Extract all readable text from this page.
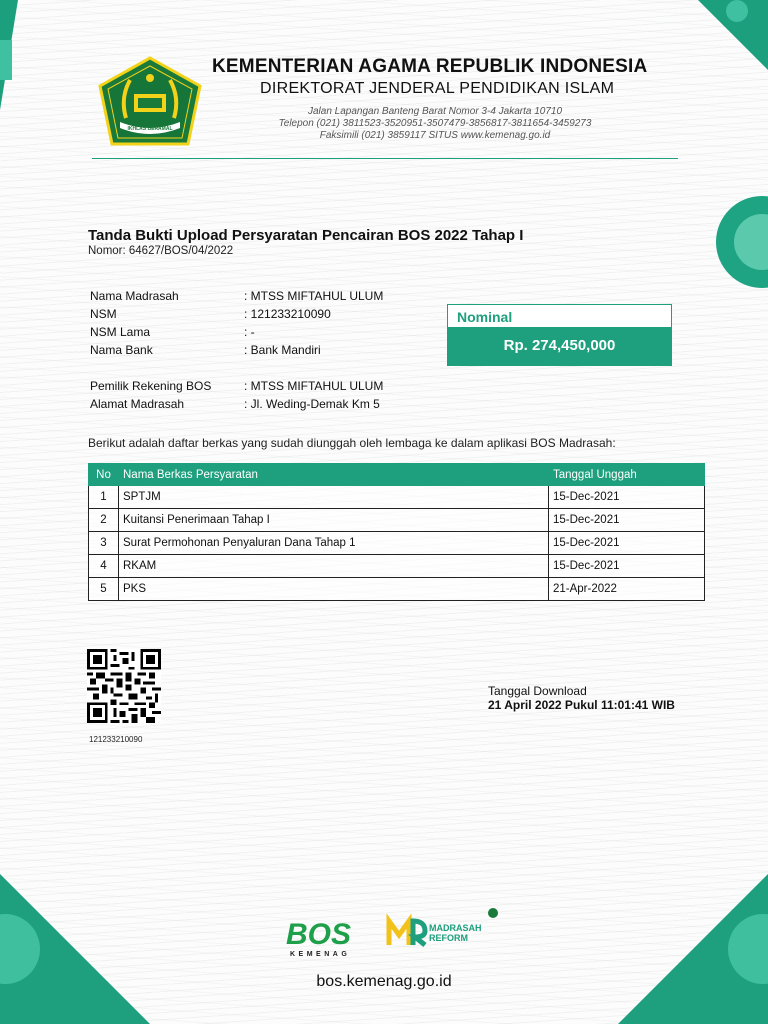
IKHLAS BERAMAL
KEMENTERIAN AGAMA REPUBLIK INDONESIA
DIREKTORAT JENDERAL PENDIDIKAN ISLAM
Jalan Lapangan Banteng Barat Nomor 3-4 Jakarta 10710
Telepon (021) 3811523-3520951-3507479-3856817-3811654-3459273
Faksimili (021) 3859117 SITUS www.kemenag.go.id
Tanda Bukti Upload Persyaratan Pencairan BOS 2022 Tahap I
Nomor: 64627/BOS/04/2022
Nama Madrasah	: MTSS MIFTAHUL ULUM
NSM	: 121233210090
NSM Lama	: -
Nama Bank	: Bank Mandiri
Pemilik Rekening BOS	: MTSS MIFTAHUL ULUM
Alamat Madrasah	: Jl. Weding-Demak Km 5
Nominal
Rp. 274,450,000
Berikut adalah daftar berkas yang sudah diunggah oleh lembaga ke dalam aplikasi BOS Madrasah:
No	Nama Berkas Persyaratan	Tanggal Unggah
1	SPTJM	15-Dec-2021
2	Kuitansi Penerimaan Tahap I	15-Dec-2021
3	Surat Permohonan Penyaluran Dana Tahap 1	15-Dec-2021
4	RKAM	15-Dec-2021
5	PKS	21-Apr-2022
121233210090
Tanggal Download
21 April 2022 Pukul 11:01:41 WIB
BOS
KEMENAG
MADRASAH
REFORM
bos.kemenag.go.id
